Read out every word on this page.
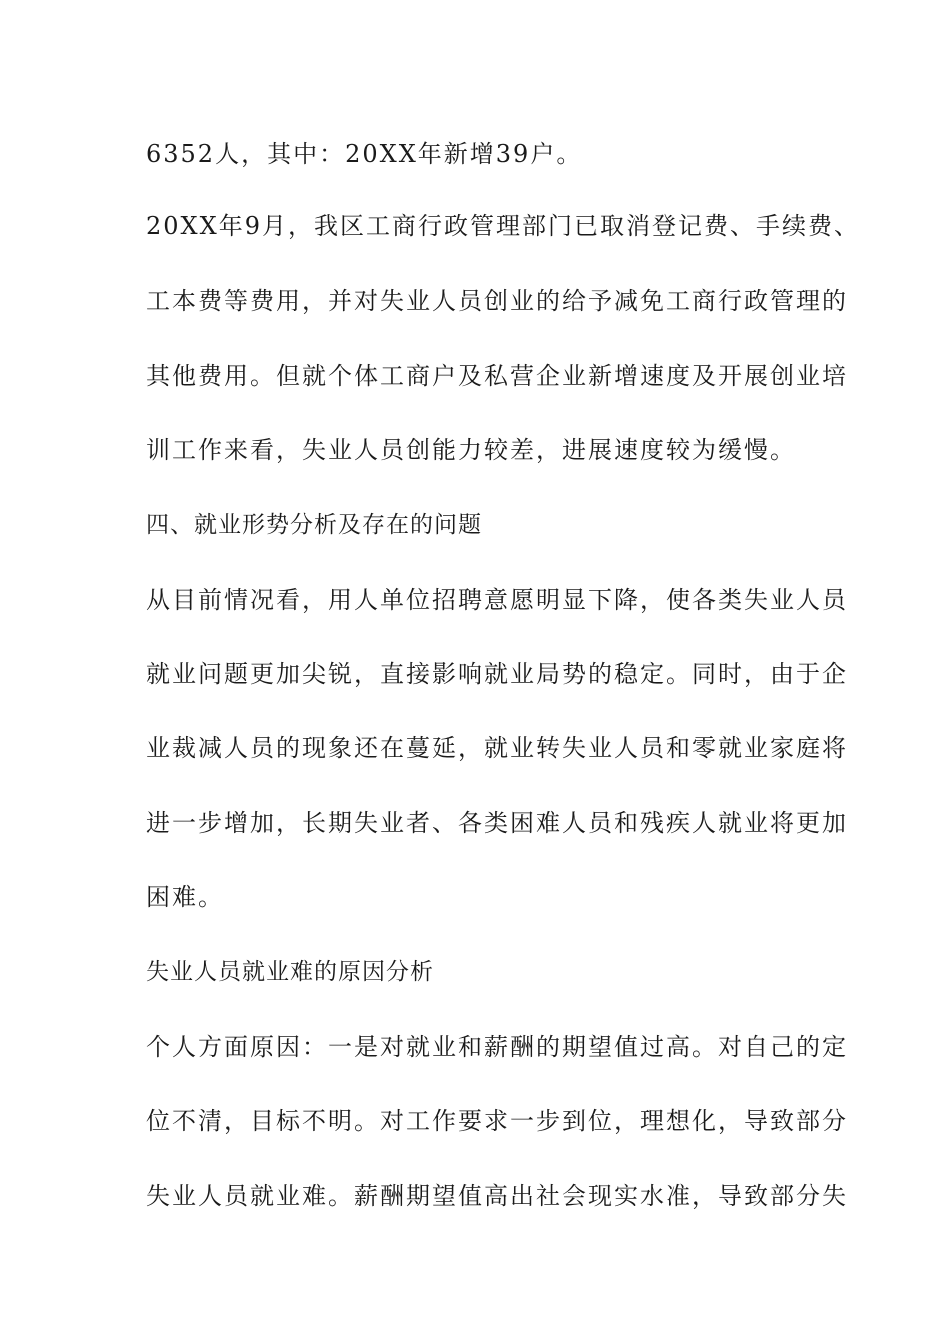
6352人，其中：20XX年新增39户。
20XX年9月，我区工商行政管理部门已取消登记费、手续费、
工本费等费用，并对失业人员创业的给予减免工商行政管理的
其他费用。但就个体工商户及私营企业新增速度及开展创业培
训工作来看，失业人员创能力较差，进展速度较为缓慢。
四、就业形势分析及存在的问题
从目前情况看，用人单位招聘意愿明显下降，使各类失业人员
就业问题更加尖锐，直接影响就业局势的稳定。同时，由于企
业裁减人员的现象还在蔓延，就业转失业人员和零就业家庭将
进一步增加，长期失业者、各类困难人员和残疾人就业将更加
困难。
失业人员就业难的原因分析
个人方面原因：一是对就业和薪酬的期望值过高。对自己的定
位不清，目标不明。对工作要求一步到位，理想化，导致部分
失业人员就业难。薪酬期望值高出社会现实水准，导致部分失
